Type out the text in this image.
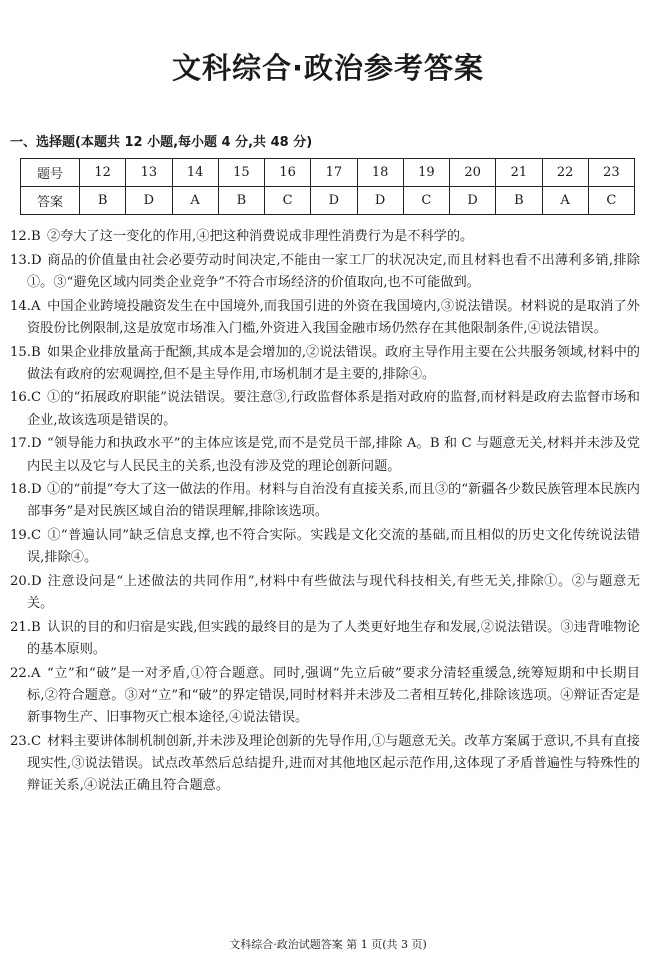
文科综合·政治参考答案

一、选择题(本题共 12 小题,每小题 4 分,共 48 分)

题号	12	13	14	15	16	17	18	19	20	21	22	23
答案	B	D	A	B	C	D	D	C	D	B	A	C

12.B ②夸大了这一变化的作用,④把这种消费说成非理性消费行为是不科学的。

13.D 商品的价值量由社会必要劳动时间决定,不能由一家工厂的状况决定,而且材料也看不出薄利多销,排除①。③“避免区域内同类企业竞争”不符合市场经济的价值取向,也不可能做到。

14.A 中国企业跨境投融资发生在中国境外,而我国引进的外资在我国境内,③说法错误。材料说的是取消了外资股份比例限制,这是放宽市场准入门槛,外资进入我国金融市场仍然存在其他限制条件,④说法错误。

15.B 如果企业排放量高于配额,其成本是会增加的,②说法错误。政府主导作用主要在公共服务领域,材料中的做法有政府的宏观调控,但不是主导作用,市场机制才是主要的,排除④。

16.C ①的“拓展政府职能”说法错误。要注意③,行政监督体系是指对政府的监督,而材料是政府去监督市场和企业,故该选项是错误的。

17.D “领导能力和执政水平”的主体应该是党,而不是党员干部,排除 A。B 和 C 与题意无关,材料并未涉及党内民主以及它与人民民主的关系,也没有涉及党的理论创新问题。

18.D ①的“前提”夸大了这一做法的作用。材料与自治没有直接关系,而且③的“新疆各少数民族管理本民族内部事务”是对民族区域自治的错误理解,排除该选项。

19.C ①“普遍认同”缺乏信息支撑,也不符合实际。实践是文化交流的基础,而且相似的历史文化传统说法错误,排除④。

20.D 注意设问是“上述做法的共同作用”,材料中有些做法与现代科技相关,有些无关,排除①。②与题意无关。

21.B 认识的目的和归宿是实践,但实践的最终目的是为了人类更好地生存和发展,②说法错误。③违背唯物论的基本原则。

22.A “立”和“破”是一对矛盾,①符合题意。同时,强调“先立后破”要求分清轻重缓急,统筹短期和中长期目标,②符合题意。③对“立”和“破”的界定错误,同时材料并未涉及二者相互转化,排除该选项。④辩证否定是新事物生产、旧事物灭亡根本途径,④说法错误。

23.C 材料主要讲体制机制创新,并未涉及理论创新的先导作用,①与题意无关。改革方案属于意识,不具有直接现实性,③说法错误。试点改革然后总结提升,进而对其他地区起示范作用,这体现了矛盾普遍性与特殊性的辩证关系,④说法正确且符合题意。

文科综合·政治试题答案 第 1 页(共 3 页)
